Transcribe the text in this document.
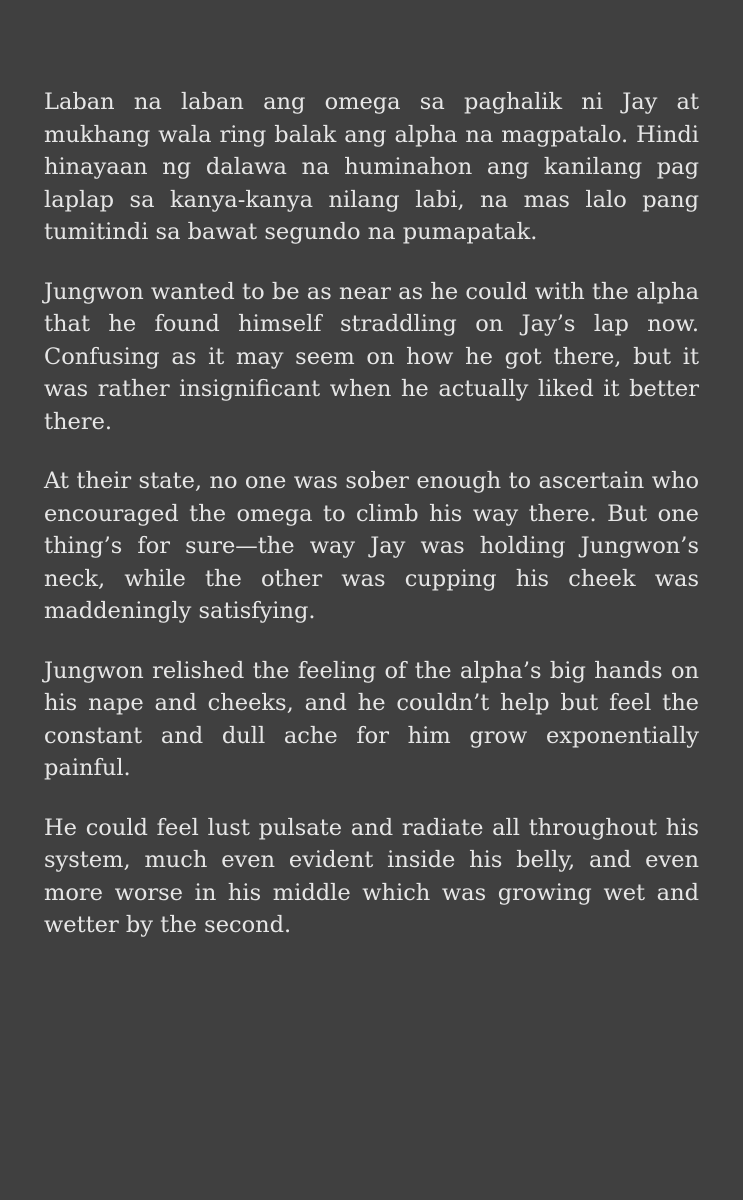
Laban na laban ang omega sa paghalik ni Jay at mukhang wala ring balak ang alpha na magpatalo. Hindi hinayaan ng dalawa na huminahon ang kanilang pag laplap sa kanya-kanya nilang labi, na mas lalo pang tumitindi sa bawat segundo na pumapatak.

Jungwon wanted to be as near as he could with the alpha that he found himself straddling on Jay’s lap now. Confusing as it may seem on how he got there, but it was rather insignificant when he actually liked it better there.

At their state, no one was sober enough to ascertain who encouraged the omega to climb his way there. But one thing’s for sure—the way Jay was holding Jungwon’s neck, while the other was cupping his cheek was maddeningly satisfying.

Jungwon relished the feeling of the alpha’s big hands on his nape and cheeks, and he couldn’t help but feel the constant and dull ache for him grow exponentially painful.

He could feel lust pulsate and radiate all throughout his system, much even evident inside his belly, and even more worse in his middle which was growing wet and wetter by the second.
